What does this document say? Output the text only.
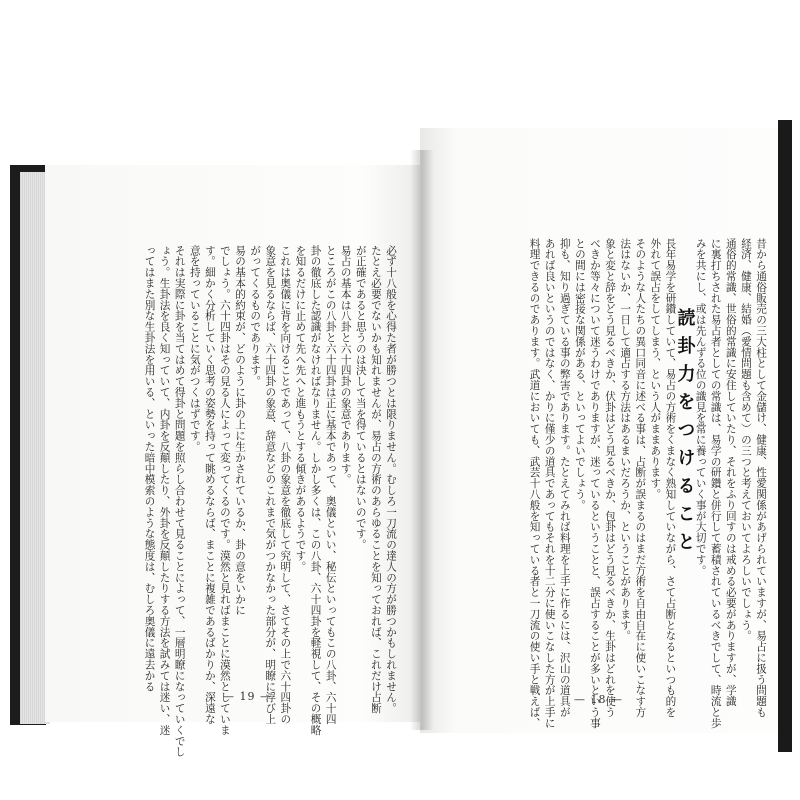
必ず十八般を心得た者が勝つとは限りません。むしろ一刀流の達人の方が勝つかもしれません。

たとえ必要でないかも知れませんが、易占の方術のあらゆることを知っておれば、これだけ占断

が正確であると思うのは決して当を得ているとはないのです。

易占の基本は八卦と六十四卦の象意であります。

ところがこの八卦と六十四卦は正に基本であって、奥儀といい、秘伝といってもこの八卦、六十四

卦の徹底した認識がなければなりません。しかし多くは、この八卦、六十四卦を軽視して、その概略

を知るだけに止めて先へ先へと進もうとする傾きがあるようです。

これは奥儀に背を向けることであって、八卦の象意を徹底して究明して、さてその上で六十四卦の

象意を見るならば、六十四卦の象意、辞意などのこれまで気がつかなかった部分が、明瞭に浮び上

がってくるものであります。

易の基本的約束が、どのように卦の上に生かされているか、卦の意をいかに

でしょう。六十四卦はその見る人によって変ってくるのです。漠然と見ればまことに漠然としていま

す。細かく分析していく思考の姿勢を持って眺めるならば、まことに複雑であるばかりか、深遠な

意を持っていることに気がつくはずです。

それは実際に卦を当てはめて得卦と問題を照らし合わせて見ることによって、一層明瞭になっていくでし

ょう。生卦法を良く知っていて、内卦を反顛したり、外卦を反顛したりする方法を試みては迷い、迷

ってはまた別な生卦法を用いる、といった暗中模索のような態度は、むしろ奥儀に遠去かる

— 19 —	昔から通俗販売の三大柱として金儲け、健康、性愛関係があげられていますが、易占に扱う問題も

経済、健康、結婚（愛情問題も含めて）の三つと考えておいてよろしいでしょう。

通俗的常識、世俗的常識に安住していたり、それをふり回すのは戒める必要がありますが、学識

に裏打ちされた易占者としての常識は、易学の研鑽と併行して蓄積されているべきでして、時流と歩

みを共にし、或は先んずる位の識見を常に養っていく事が大切です。

読卦力をつけること

長年易学を研鑽していて、易占の方術をくまなく熟知していながら、さて占断となるといつも的を

外れて誤占をしてしまう、という人がままあります。

そのような人たちの異口同音に述べる事は、占断が誤まるのはまだ方術を自由自在に使いこなす方

法はないか、一日して適占する方法はあるまいだろうか、ということがあります。

象と変と辞をどう見るべきか、伏卦はどう見るべきか、包卦はどう見るべきか、生卦はどれを使う

べきか等々について迷うわけでありますが、迷っているということと、誤占することが多いという事

との間には密接な関係がある、といってよいでしょう。

抑も、知り過ぎている事の弊害であります。たとえてみれば料理を上手に作るには、沢山の道具が

あれば良いというのではなく、かりに僅少の道具であってもそれを十二分に使いこなした方が上手に

料理できるのであります。武道においても、武芸十八般を知っている者と一刀流の使い手と戦えば、	— 18 —
